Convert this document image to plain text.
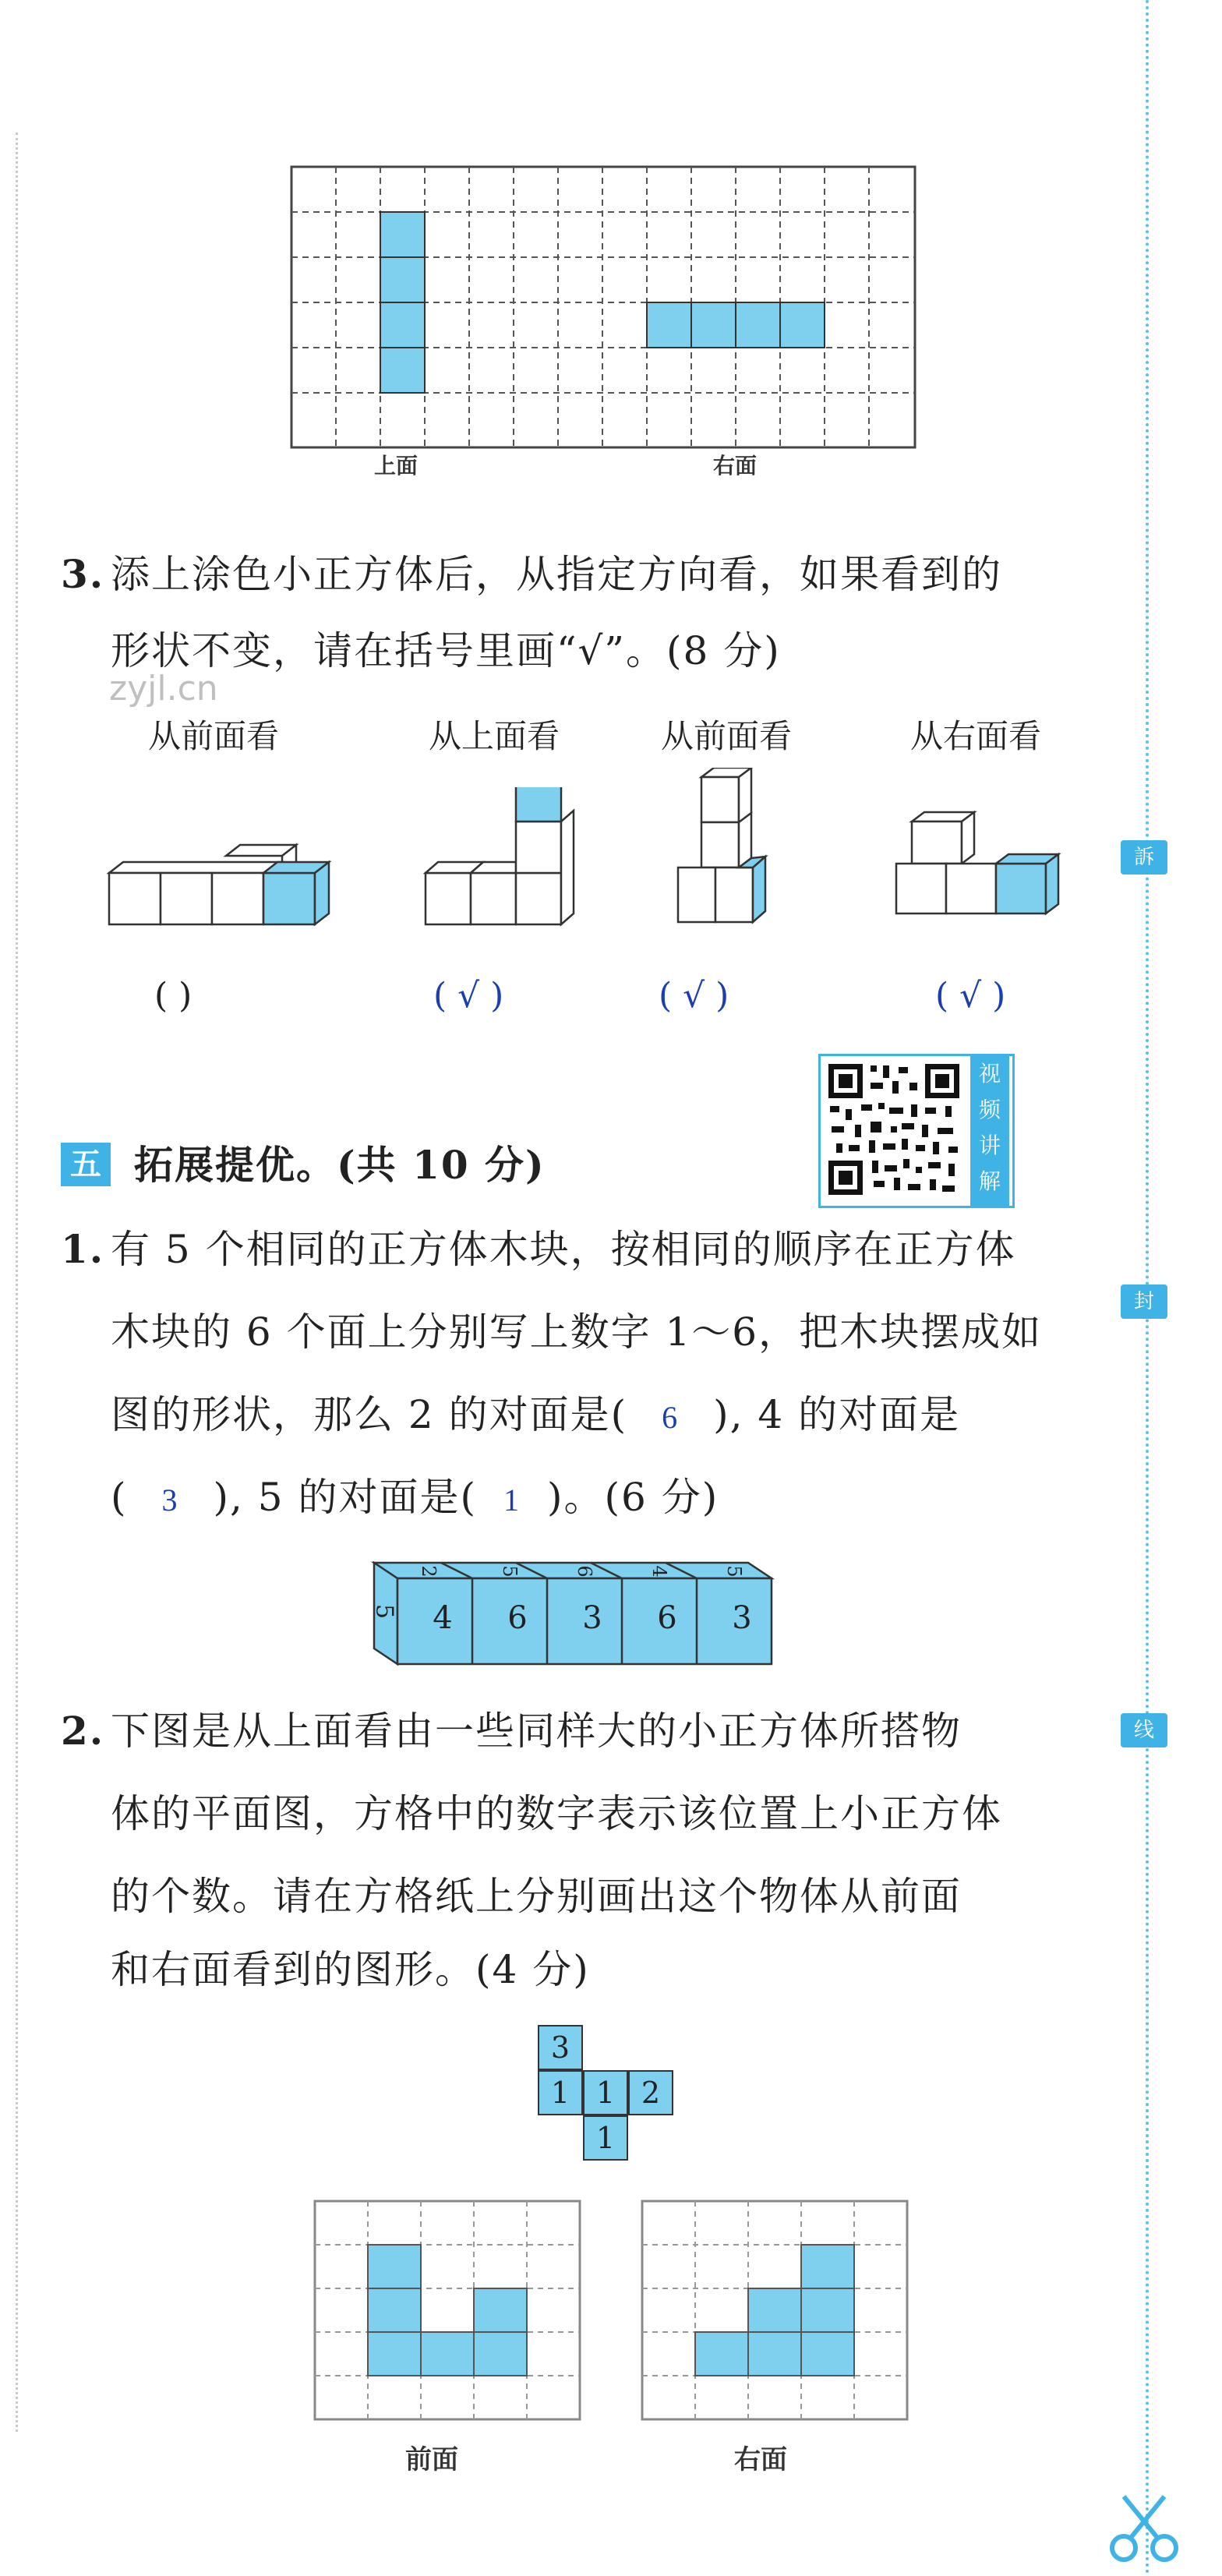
訴
封
线
上面	右面
3. 添上涂色小正方体后，从指定方向看，如果看到的
形状不变，请在括号里画“√”。(8 分)
zyjl.cn
从前面看	从上面看	从前面看	从右面看
( )	( √ )	( √ )	( √ )
视
频
讲
解
五 拓展提优。(共 10 分)
1. 有 5 个相同的正方体木块，按相同的顺序在正方体
木块的 6 个面上分别写上数字 1～6，把木块摆成如
图的形状，那么 2 的对面是( 6 ), 4 的对面是
( 3 ), 5 的对面是( 1 )。(6 分)
4	6	3	6	3
2	5	6	4	5
5
2. 下图是从上面看由一些同样大的小正方体所搭物
体的平面图，方格中的数字表示该位置上小正方体
的个数。请在方格纸上分别画出这个物体从前面
和右面看到的图形。(4 分)
3
1 1 2
1
前面	右面
